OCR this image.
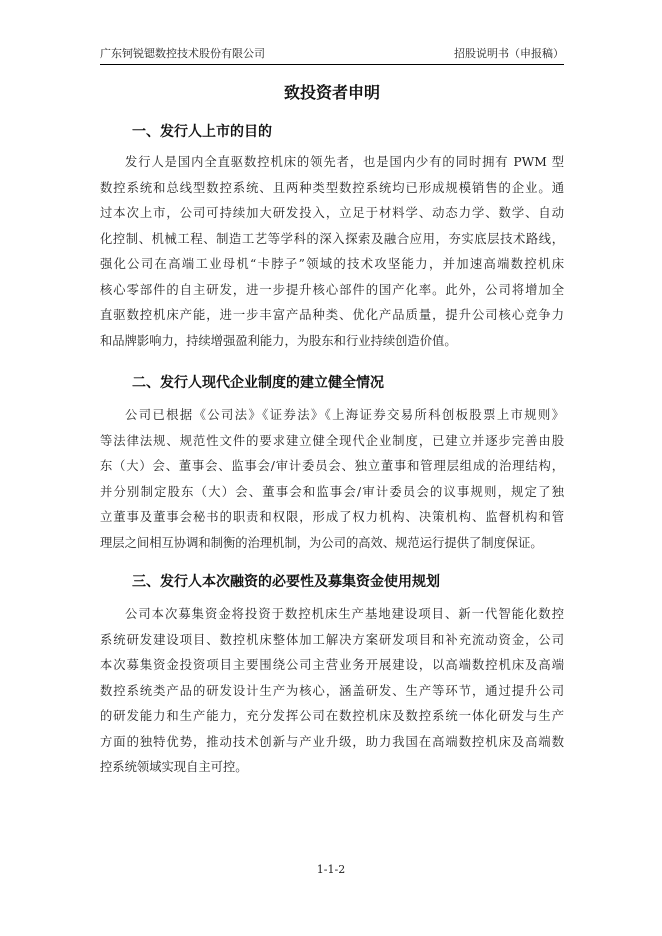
广东钶锐锶数控技术股份有限公司	招股说明书（申报稿）
致投资者申明
一、发行人上市的目的
发行人是国内全直驱数控机床的领先者，也是国内少有的同时拥有 PWM 型
数控系统和总线型数控系统、且两种类型数控系统均已形成规模销售的企业。通
过本次上市，公司可持续加大研发投入，立足于材料学、动态力学、数学、自动
化控制、机械工程、制造工艺等学科的深入探索及融合应用，夯实底层技术路线，
强化公司在高端工业母机“卡脖子”领域的技术攻坚能力，并加速高端数控机床
核心零部件的自主研发，进一步提升核心部件的国产化率。此外，公司将增加全
直驱数控机床产能，进一步丰富产品种类、优化产品质量，提升公司核心竞争力
和品牌影响力，持续增强盈利能力，为股东和行业持续创造价值。
二、发行人现代企业制度的建立健全情况
公司已根据《公司法》《证券法》《上海证券交易所科创板股票上市规则》
等法律法规、规范性文件的要求建立健全现代企业制度，已建立并逐步完善由股
东（大）会、董事会、监事会/审计委员会、独立董事和管理层组成的治理结构，
并分别制定股东（大）会、董事会和监事会/审计委员会的议事规则，规定了独
立董事及董事会秘书的职责和权限，形成了权力机构、决策机构、监督机构和管
理层之间相互协调和制衡的治理机制，为公司的高效、规范运行提供了制度保证。
三、发行人本次融资的必要性及募集资金使用规划
公司本次募集资金将投资于数控机床生产基地建设项目、新一代智能化数控
系统研发建设项目、数控机床整体加工解决方案研发项目和补充流动资金，公司
本次募集资金投资项目主要围绕公司主营业务开展建设，以高端数控机床及高端
数控系统类产品的研发设计生产为核心，涵盖研发、生产等环节，通过提升公司
的研发能力和生产能力，充分发挥公司在数控机床及数控系统一体化研发与生产
方面的独特优势，推动技术创新与产业升级，助力我国在高端数控机床及高端数
控系统领域实现自主可控。
1-1-2
